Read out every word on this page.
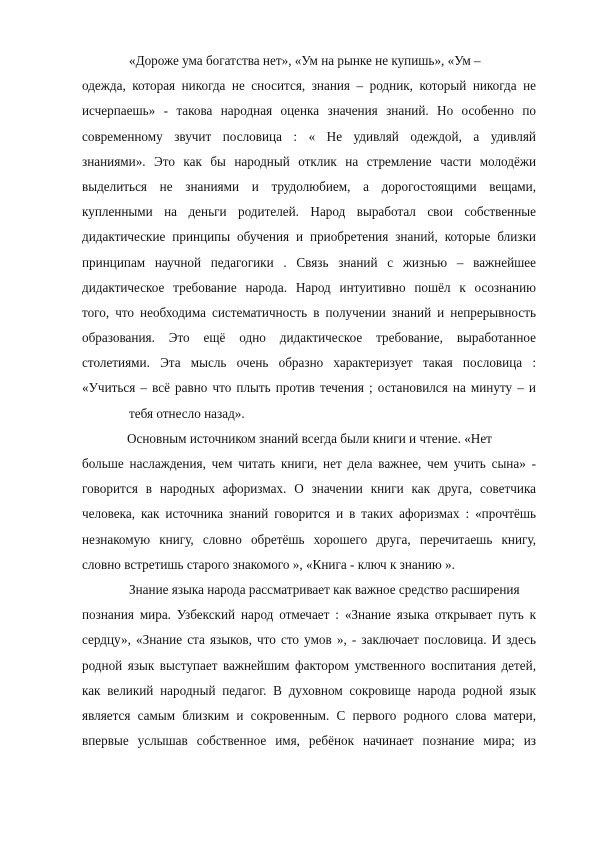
«Дороже ума богатства нет», «Ум на рынке не купишь», «Ум –
одежда, которая никогда не сносится, знания – родник, который никогда не
исчерпаешь» - такова народная оценка значения знаний. Но особенно по
современному звучит пословица : « Не удивляй одеждой, а удивляй
знаниями». Это как бы народный отклик на стремление части молодёжи
выделиться не знаниями и трудолюбием, а дорогостоящими вещами,
купленными на деньги родителей. Народ выработал свои собственные
дидактические принципы обучения и приобретения знаний, которые близки
принципам научной педагогики . Связь знаний с жизнью – важнейшее
дидактическое требование народа. Народ интуитивно пошёл к осознанию
того, что необходима систематичность в получении знаний и непрерывность
образования. Это ещё одно дидактическое требование, выработанное
столетиями. Эта мысль очень образно характеризует такая пословица :
«Учиться – всё равно что плыть против течения ; остановился на минуту – и
тебя отнесло назад».
Основным источником знаний всегда были книги и чтение. «Нет
больше наслаждения, чем читать книги, нет дела важнее, чем учить сына» -
говорится в народных афоризмах. О значении книги как друга, советчика
человека, как источника знаний говорится и в таких афоризмах : «прочтёшь
незнакомую книгу, словно обретёшь хорошего друга, перечитаешь книгу,
словно встретишь старого знакомого », «Книга - ключ к знанию ».
Знание языка народа рассматривает как важное средство расширения
познания мира. Узбекский народ отмечает : «Знание языка открывает путь к
сердцу», «Знание ста языков, что сто умов », - заключает пословица. И здесь
родной язык выступает важнейшим фактором умственного воспитания детей,
как великий народный педагог. В духовном сокровище народа родной язык
является самым близким и сокровенным. С первого родного слова матери,
впервые услышав собственное имя, ребёнок начинает познание мира; из
